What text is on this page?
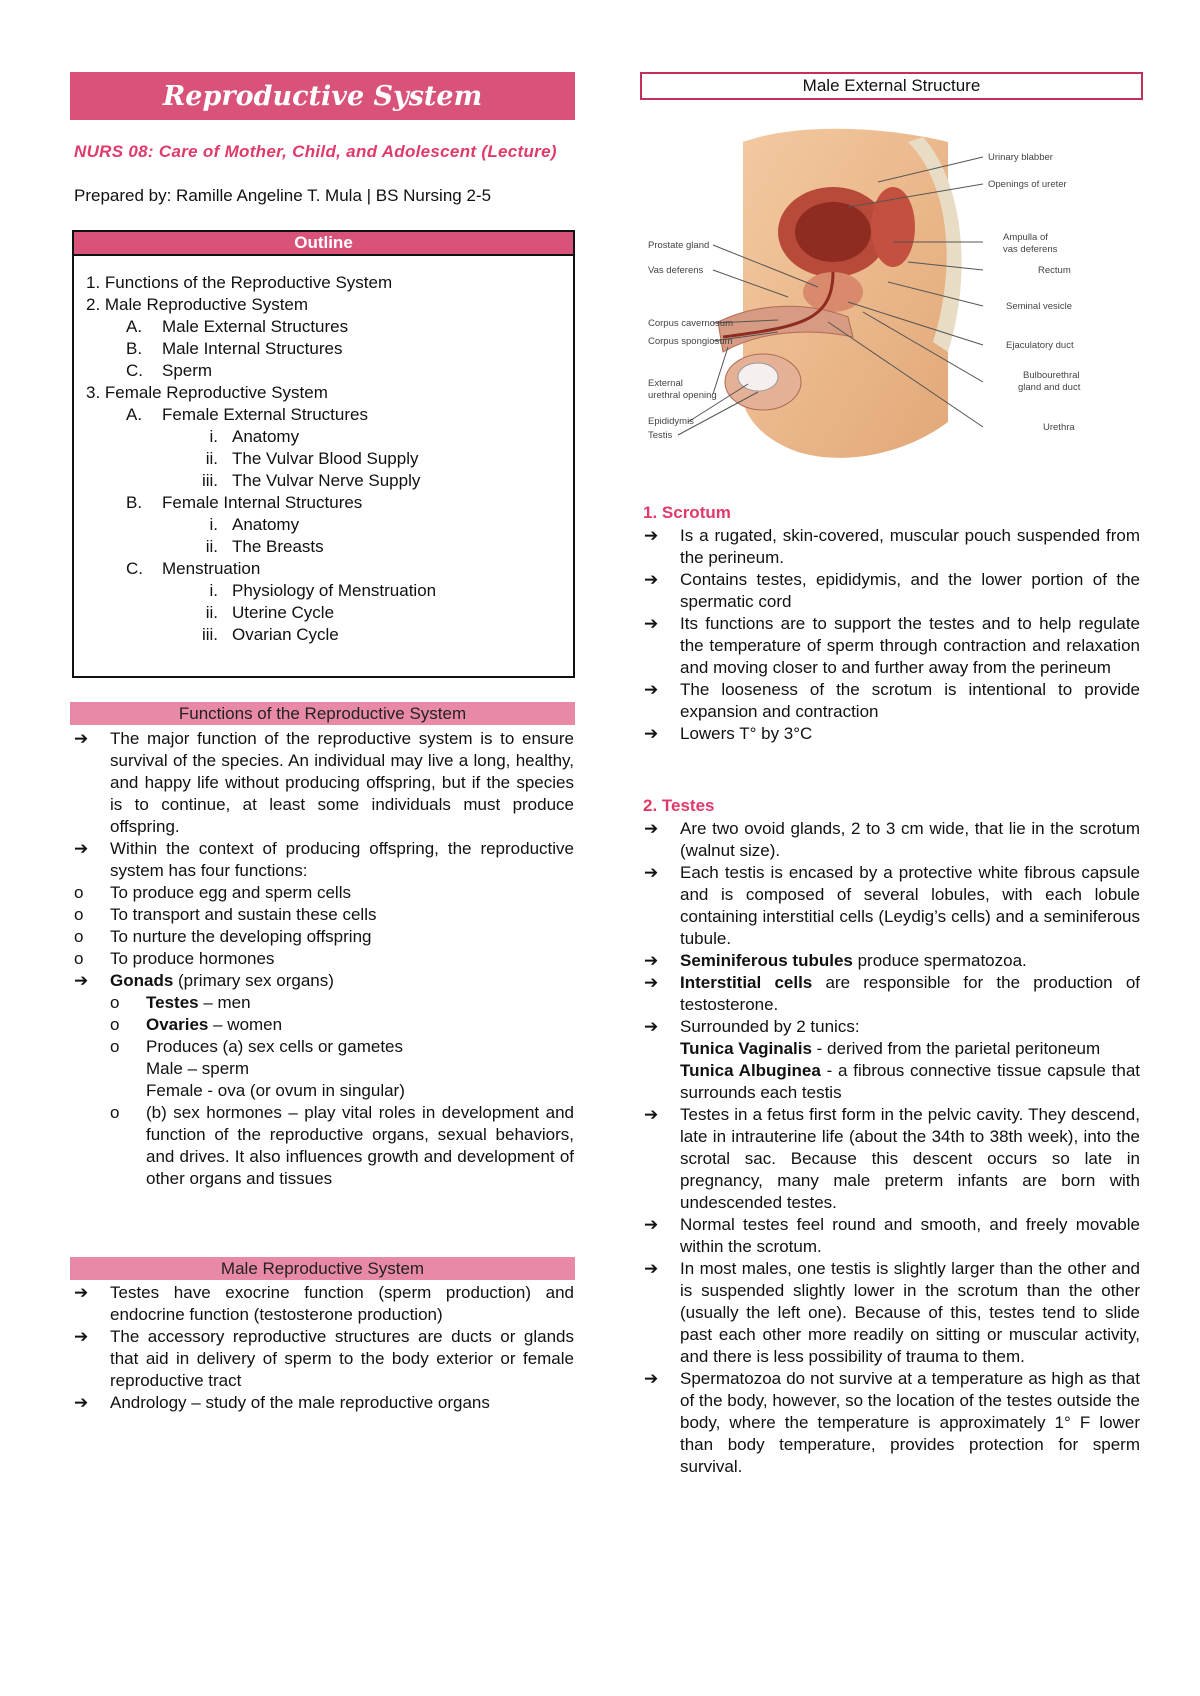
Reproductive System
NURS 08: Care of Mother, Child, and Adolescent (Lecture)
Prepared by: Ramille Angeline T. Mula | BS Nursing 2-5
Outline
1. Functions of the Reproductive System
2. Male Reproductive System
A.	Male External Structures
B.	Male Internal Structures
C.	Sperm
3. Female Reproductive System
A.	Female External Structures
i. Anatomy
ii. The Vulvar Blood Supply
iii. The Vulvar Nerve Supply
B.	Female Internal Structures
i. Anatomy
ii. The Breasts
C.	Menstruation
i. Physiology of Menstruation
ii. Uterine Cycle
iii. Ovarian Cycle
Functions of the Reproductive System
➔	The major function of the reproductive system is to ensure survival of the species. An individual may live a long, healthy, and happy life without producing offspring, but if the species is to continue, at least some individuals must produce offspring.
➔	Within the context of producing offspring, the reproductive system has four functions:
o	To produce egg and sperm cells
o	To transport and sustain these cells
o	To nurture the developing offspring
o	To produce hormones
➔	Gonads (primary sex organs)
o	Testes – men
o	Ovaries – women
o	Produces (a) sex cells or gametes
Male – sperm
Female - ova (or ovum in singular)
o	(b) sex hormones – play vital roles in development and function of the reproductive organs, sexual behaviors, and drives. It also influences growth and development of other organs and tissues
Male Reproductive System
➔	Testes have exocrine function (sperm production) and endocrine function (testosterone production)
➔	The accessory reproductive structures are ducts or glands that aid in delivery of sperm to the body exterior or female reproductive tract
➔	Andrology – study of the male reproductive organs
Male External Structure
Urinary blabber
Openings of ureter
Ampulla of
vas deferens
Rectum
Seminal vesicle
Ejaculatory duct
Bulbourethral
gland and duct
Urethra
Prostate gland
Vas deferens
Corpus cavernosum
Corpus spongiosum
External
urethral opening
Epididymis
Testis
1. Scrotum
➔	Is a rugated, skin-covered, muscular pouch suspended from the perineum.
➔	Contains testes, epididymis, and the lower portion of the spermatic cord
➔	Its functions are to support the testes and to help regulate the temperature of sperm through contraction and relaxation and moving closer to and further away from the perineum
➔	The looseness of the scrotum is intentional to provide expansion and contraction
➔	Lowers T° by 3°C
2. Testes
➔	Are two ovoid glands, 2 to 3 cm wide, that lie in the scrotum (walnut size).
➔	Each testis is encased by a protective white fibrous capsule and is composed of several lobules, with each lobule containing interstitial cells (Leydig’s cells) and a seminiferous tubule.
➔	Seminiferous tubules produce spermatozoa.
➔	Interstitial cells are responsible for the production of testosterone.
➔	Surrounded by 2 tunics:
Tunica Vaginalis - derived from the parietal peritoneum
Tunica Albuginea - a fibrous connective tissue capsule that surrounds each testis
➔	Testes in a fetus first form in the pelvic cavity. They descend, late in intrauterine life (about the 34th to 38th week), into the scrotal sac. Because this descent occurs so late in pregnancy, many male preterm infants are born with undescended testes.
➔	Normal testes feel round and smooth, and freely movable within the scrotum.
➔	In most males, one testis is slightly larger than the other and is suspended slightly lower in the scrotum than the other (usually the left one). Because of this, testes tend to slide past each other more readily on sitting or muscular activity, and there is less possibility of trauma to them.
➔	Spermatozoa do not survive at a temperature as high as that of the body, however, so the location of the testes outside the body, where the temperature is approximately 1° F lower than body temperature, provides protection for sperm survival.
